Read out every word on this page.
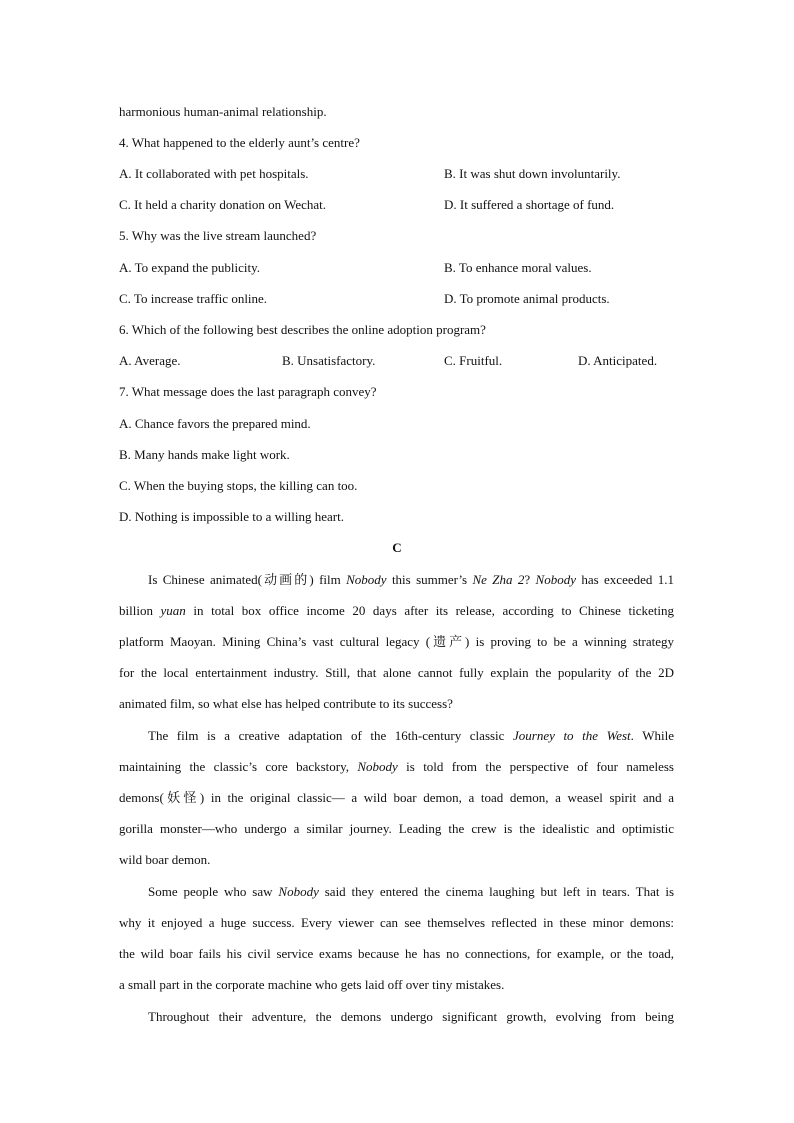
harmonious human-animal relationship.
4. What happened to the elderly aunt’s centre?
A. It collaborated with pet hospitals.	B. It was shut down involuntarily.
C. It held a charity donation on Wechat.	D. It suffered a shortage of fund.
5. Why was the live stream launched?
A. To expand the publicity.	B. To enhance moral values.
C. To increase traffic online.	D. To promote animal products.
6. Which of the following best describes the online adoption program?
A. Average.	B. Unsatisfactory.	C. Fruitful.	D. Anticipated.
7. What message does the last paragraph convey?
A. Chance favors the prepared mind.
B. Many hands make light work.
C. When the buying stops, the killing can too.
D. Nothing is impossible to a willing heart.
C
Is Chinese animated(动画的) film Nobody this summer’s Ne Zha 2? Nobody has exceeded 1.1
billion yuan in total box office income 20 days after its release, according to Chinese ticketing
platform Maoyan. Mining China’s vast cultural legacy (遗产) is proving to be a winning strategy
for the local entertainment industry. Still, that alone cannot fully explain the popularity of the 2D
animated film, so what else has helped contribute to its success?
The film is a creative adaptation of the 16th-century classic Journey to the West. While
maintaining the classic’s core backstory, Nobody is told from the perspective of four nameless
demons(妖怪) in the original classic— a wild boar demon, a toad demon, a weasel spirit and a
gorilla monster—who undergo a similar journey. Leading the crew is the idealistic and optimistic
wild boar demon.
Some people who saw Nobody said they entered the cinema laughing but left in tears. That is
why it enjoyed a huge success. Every viewer can see themselves reflected in these minor demons:
the wild boar fails his civil service exams because he has no connections, for example, or the toad,
a small part in the corporate machine who gets laid off over tiny mistakes.
Throughout their adventure, the demons undergo significant growth, evolving from being
